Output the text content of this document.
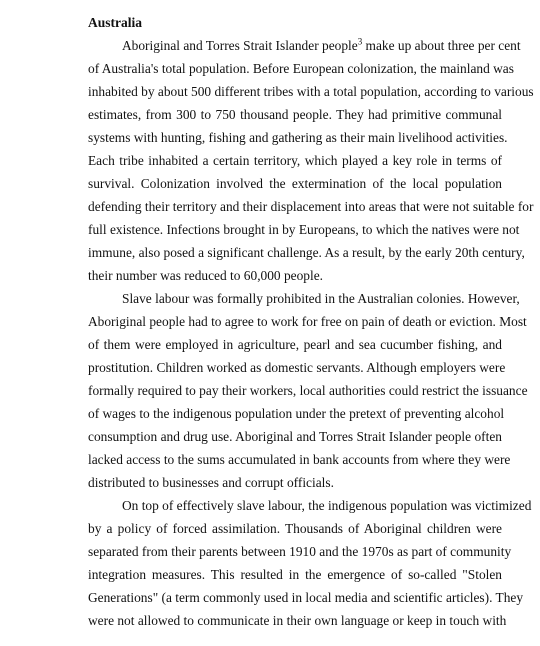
Australia
Aboriginal and Torres Strait Islander people$^3$ make up about three per cent
of Australia's total population. Before European colonization, the mainland was
inhabited by about 500 different tribes with a total population, according to various
estimates, from 300 to 750 thousand people. They had primitive communal
systems with hunting, fishing and gathering as their main livelihood activities.
Each tribe inhabited a certain territory, which played a key role in terms of
survival. Colonization involved the extermination of the local population
defending their territory and their displacement into areas that were not suitable for
full existence. Infections brought in by Europeans, to which the natives were not
immune, also posed a significant challenge. As a result, by the early 20th century,
their number was reduced to 60,000 people.
Slave labour was formally prohibited in the Australian colonies. However,
Aboriginal people had to agree to work for free on pain of death or eviction. Most
of them were employed in agriculture, pearl and sea cucumber fishing, and
prostitution. Children worked as domestic servants. Although employers were
formally required to pay their workers, local authorities could restrict the issuance
of wages to the indigenous population under the pretext of preventing alcohol
consumption and drug use. Aboriginal and Torres Strait Islander people often
lacked access to the sums accumulated in bank accounts from where they were
distributed to businesses and corrupt officials.
On top of effectively slave labour, the indigenous population was victimized
by a policy of forced assimilation. Thousands of Aboriginal children were
separated from their parents between 1910 and the 1970s as part of community
integration measures. This resulted in the emergence of so-called "Stolen
Generations" (a term commonly used in local media and scientific articles). They
were not allowed to communicate in their own language or keep in touch with
